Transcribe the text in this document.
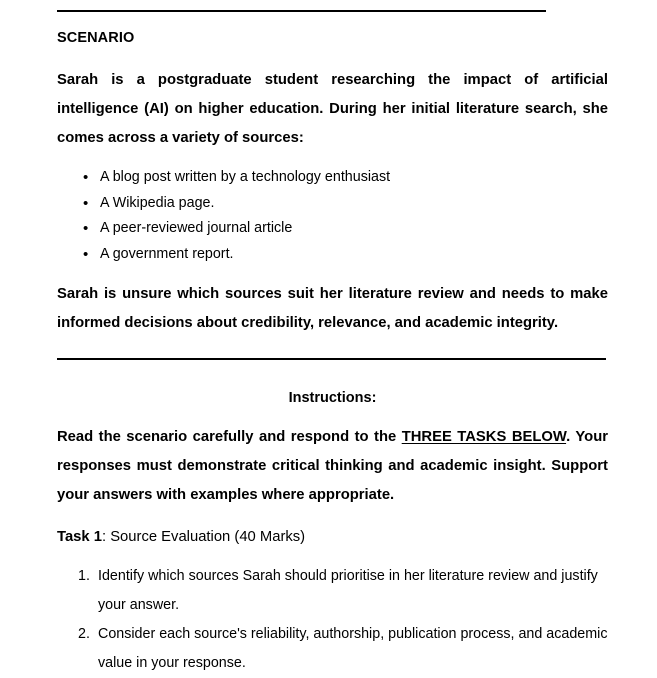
SCENARIO

Sarah is a postgraduate student researching the impact of artificial intelligence (AI) on higher education. During her initial literature search, she comes across a variety of sources:

• A blog post written by a technology enthusiast
• A Wikipedia page.
• A peer-reviewed journal article
• A government report.

Sarah is unsure which sources suit her literature review and needs to make informed decisions about credibility, relevance, and academic integrity.

Instructions:

Read the scenario carefully and respond to the THREE TASKS BELOW. Your responses must demonstrate critical thinking and academic insight. Support your answers with examples where appropriate.

Task 1: Source Evaluation (40 Marks)

1. Identify which sources Sarah should prioritise in her literature review and justify your answer.
2. Consider each source's reliability, authorship, publication process, and academic value in your response.
